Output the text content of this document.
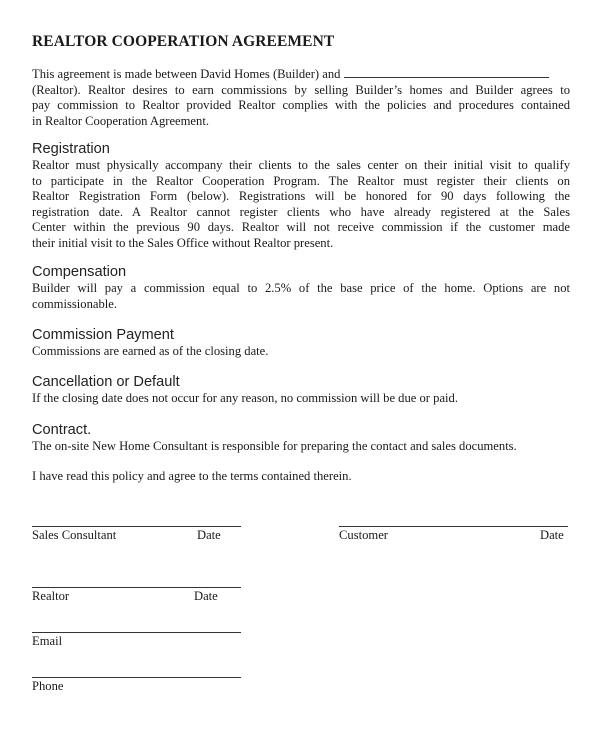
REALTOR COOPERATION AGREEMENT
This agreement is made between David Homes (Builder) and
(Realtor). Realtor desires to earn commissions by selling Builder’s homes and Builder agrees to
pay commission to Realtor provided Realtor complies with the policies and procedures contained
in Realtor Cooperation Agreement.
Registration
Realtor must physically accompany their clients to the sales center on their initial visit to qualify
to participate in the Realtor Cooperation Program. The Realtor must register their clients on
Realtor Registration Form (below). Registrations will be honored for 90 days following the
registration date. A Realtor cannot register clients who have already registered at the Sales
Center within the previous 90 days. Realtor will not receive commission if the customer made
their initial visit to the Sales Office without Realtor present.
Compensation
Builder will pay a commission equal to 2.5% of the base price of the home. Options are not
commissionable.
Commission Payment
Commissions are earned as of the closing date.
Cancellation or Default
If the closing date does not occur for any reason, no commission will be due or paid.
Contract.
The on-site New Home Consultant is responsible for preparing the contact and sales documents.
I have read this policy and agree to the terms contained therein.
Sales Consultant	Date	Customer	Date
Realtor	Date
Email
Phone
